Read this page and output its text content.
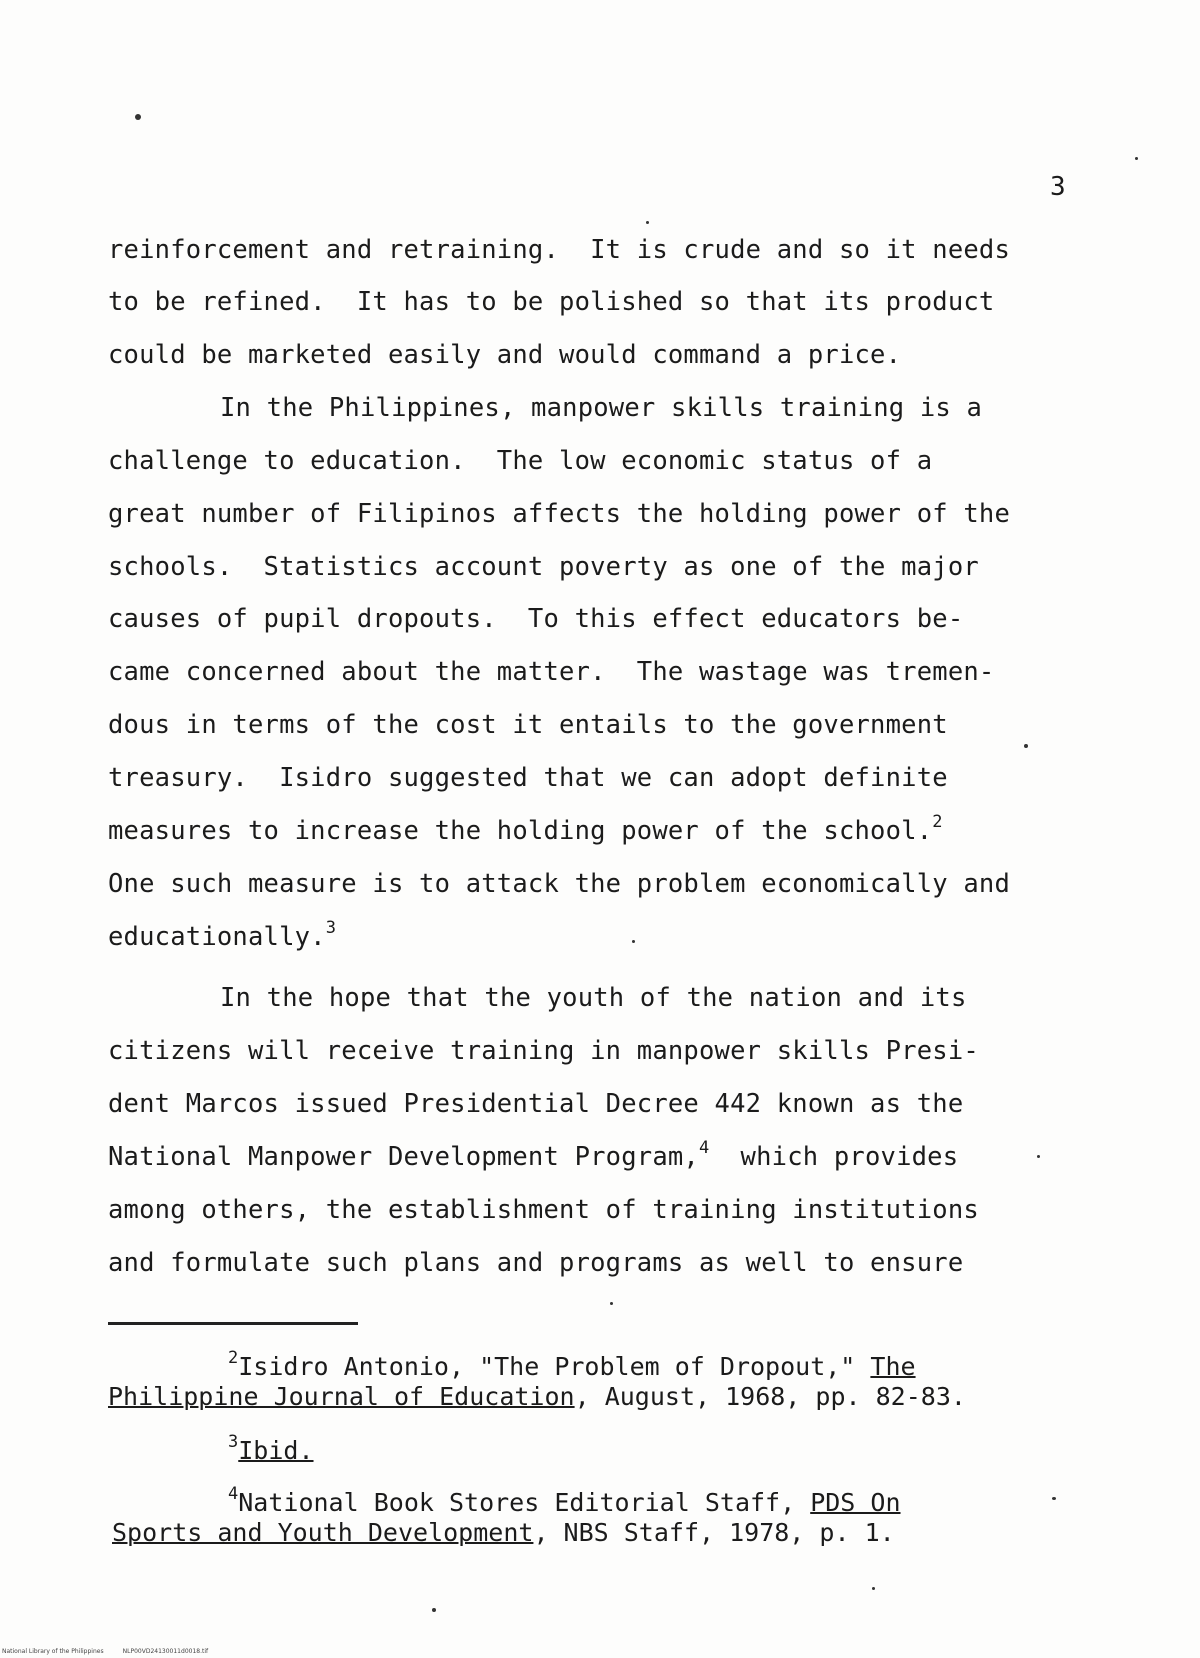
3
reinforcement and retraining.  It is crude and so it needs
to be refined.  It has to be polished so that its product
could be marketed easily and would command a price.
In the Philippines, manpower skills training is a
challenge to education.  The low economic status of a
great number of Filipinos affects the holding power of the
schools.  Statistics account poverty as one of the major
causes of pupil dropouts.  To this effect educators be-
came concerned about the matter.  The wastage was tremen-
dous in terms of the cost it entails to the government
treasury.  Isidro suggested that we can adopt definite
measures to increase the holding power of the school.$^2$
One such measure is to attack the problem economically and
educationally.$^3$
In the hope that the youth of the nation and its
citizens will receive training in manpower skills Presi-
dent Marcos issued Presidential Decree 442 known as the
National Manpower Development Program,$^4$ which provides
among others, the establishment of training institutions
and formulate such plans and programs as well to ensure
$^2$Isidro Antonio, "The Problem of Dropout," The
Philippine Journal of Education, August, 1968, pp. 82-83.
$^3$Ibid.
$^4$National Book Stores Editorial Staff, PDS On
Sports and Youth Development, NBS Staff, 1978, p. 1.
National Library of the Philippines	NLP00VD24130011d0018.tif
